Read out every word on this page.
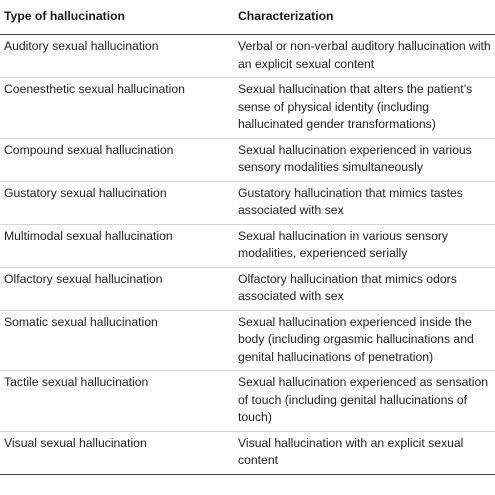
Type of hallucination	Characterization
Auditory sexual hallucination	Verbal or non-verbal auditory hallucination with an explicit sexual content
Coenesthetic sexual hallucination	Sexual hallucination that alters the patient’s sense of physical identity (including hallucinated gender transformations)
Compound sexual hallucination	Sexual hallucination experienced in various sensory modalities simultaneously
Gustatory sexual hallucination	Gustatory hallucination that mimics tastes associated with sex
Multimodal sexual hallucination	Sexual hallucination in various sensory modalities, experienced serially
Olfactory sexual hallucination	Olfactory hallucination that mimics odors associated with sex
Somatic sexual hallucination	Sexual hallucination experienced inside the body (including orgasmic hallucinations and genital hallucinations of penetration)
Tactile sexual hallucination	Sexual hallucination experienced as sensation of touch (including genital hallucinations of touch)
Visual sexual hallucination	Visual hallucination with an explicit sexual content
